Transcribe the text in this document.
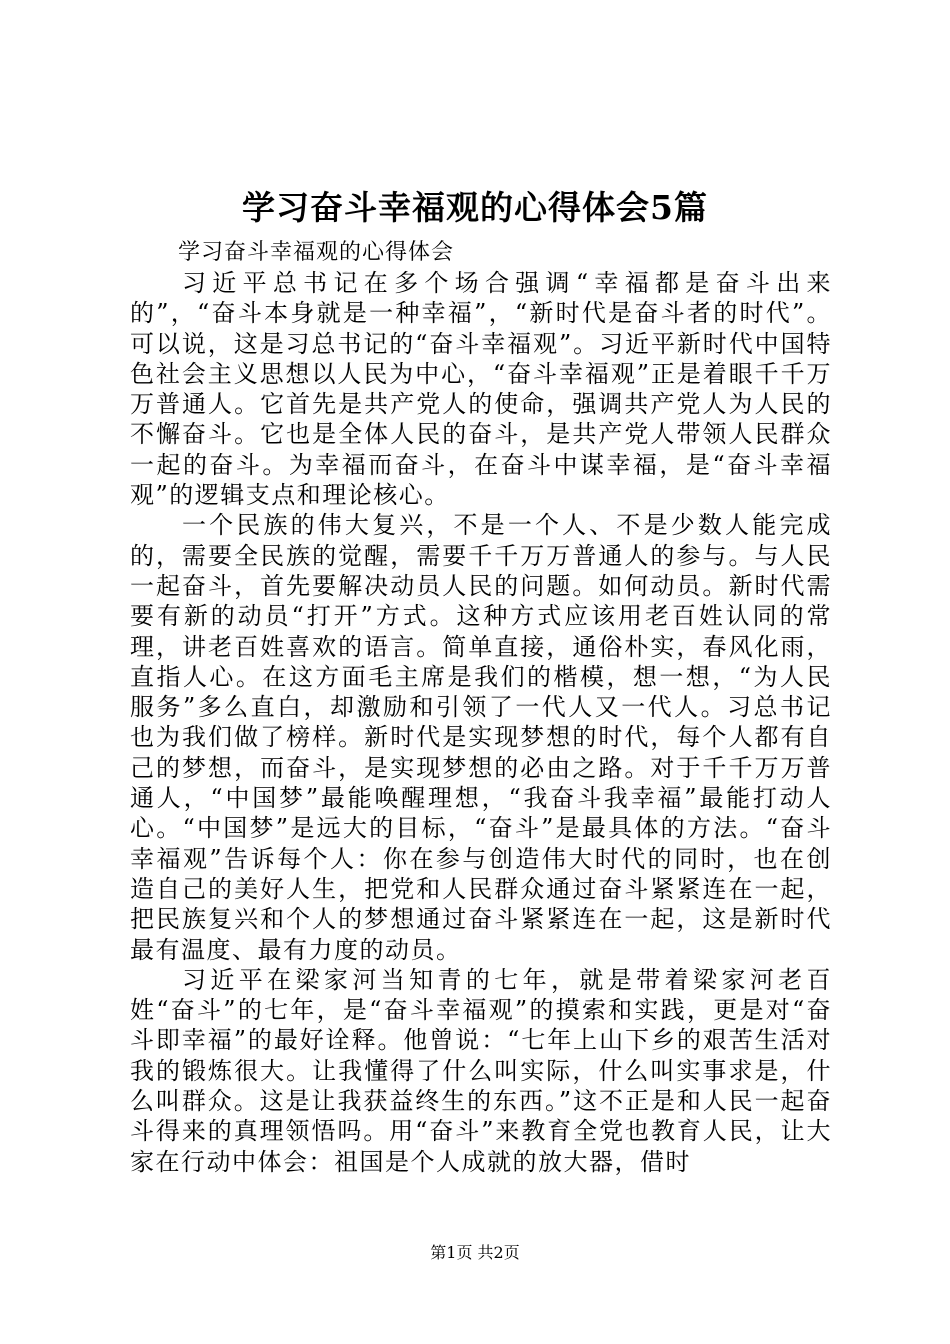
学习奋斗幸福观的心得体会5篇

学习奋斗幸福观的心得体会

习近平总书记在多个场合强调“幸福都是奋斗出来的”，“奋斗本身就是一种幸福”，“新时代是奋斗者的时代”。可以说，这是习总书记的“奋斗幸福观”。习近平新时代中国特色社会主义思想以人民为中心，“奋斗幸福观”正是着眼千千万万普通人。它首先是共产党人的使命，强调共产党人为人民的不懈奋斗。它也是全体人民的奋斗，是共产党人带领人民群众一起的奋斗。为幸福而奋斗，在奋斗中谋幸福，是“奋斗幸福观”的逻辑支点和理论核心。

一个民族的伟大复兴，不是一个人、不是少数人能完成的，需要全民族的觉醒，需要千千万万普通人的参与。与人民一起奋斗，首先要解决动员人民的问题。如何动员。新时代需要有新的动员“打开”方式。这种方式应该用老百姓认同的常理，讲老百姓喜欢的语言。简单直接，通俗朴实，春风化雨，直指人心。在这方面毛主席是我们的楷模，想一想，“为人民服务”多么直白，却激励和引领了一代人又一代人。习总书记也为我们做了榜样。新时代是实现梦想的时代，每个人都有自己的梦想，而奋斗，是实现梦想的必由之路。对于千千万万普通人，“中国梦”最能唤醒理想，“我奋斗我幸福”最能打动人心。“中国梦”是远大的目标，“奋斗”是最具体的方法。“奋斗幸福观”告诉每个人：你在参与创造伟大时代的同时，也在创造自己的美好人生，把党和人民群众通过奋斗紧紧连在一起，把民族复兴和个人的梦想通过奋斗紧紧连在一起，这是新时代最有温度、最有力度的动员。

习近平在梁家河当知青的七年，就是带着梁家河老百姓“奋斗”的七年，是“奋斗幸福观”的摸索和实践，更是对“奋斗即幸福”的最好诠释。他曾说：“七年上山下乡的艰苦生活对我的锻炼很大。让我懂得了什么叫实际，什么叫实事求是，什么叫群众。这是让我获益终生的东西。”这不正是和人民一起奋斗得来的真理领悟吗。用“奋斗”来教育全党也教育人民，让大家在行动中体会：祖国是个人成就的放大器，借时

第1页 共2页
